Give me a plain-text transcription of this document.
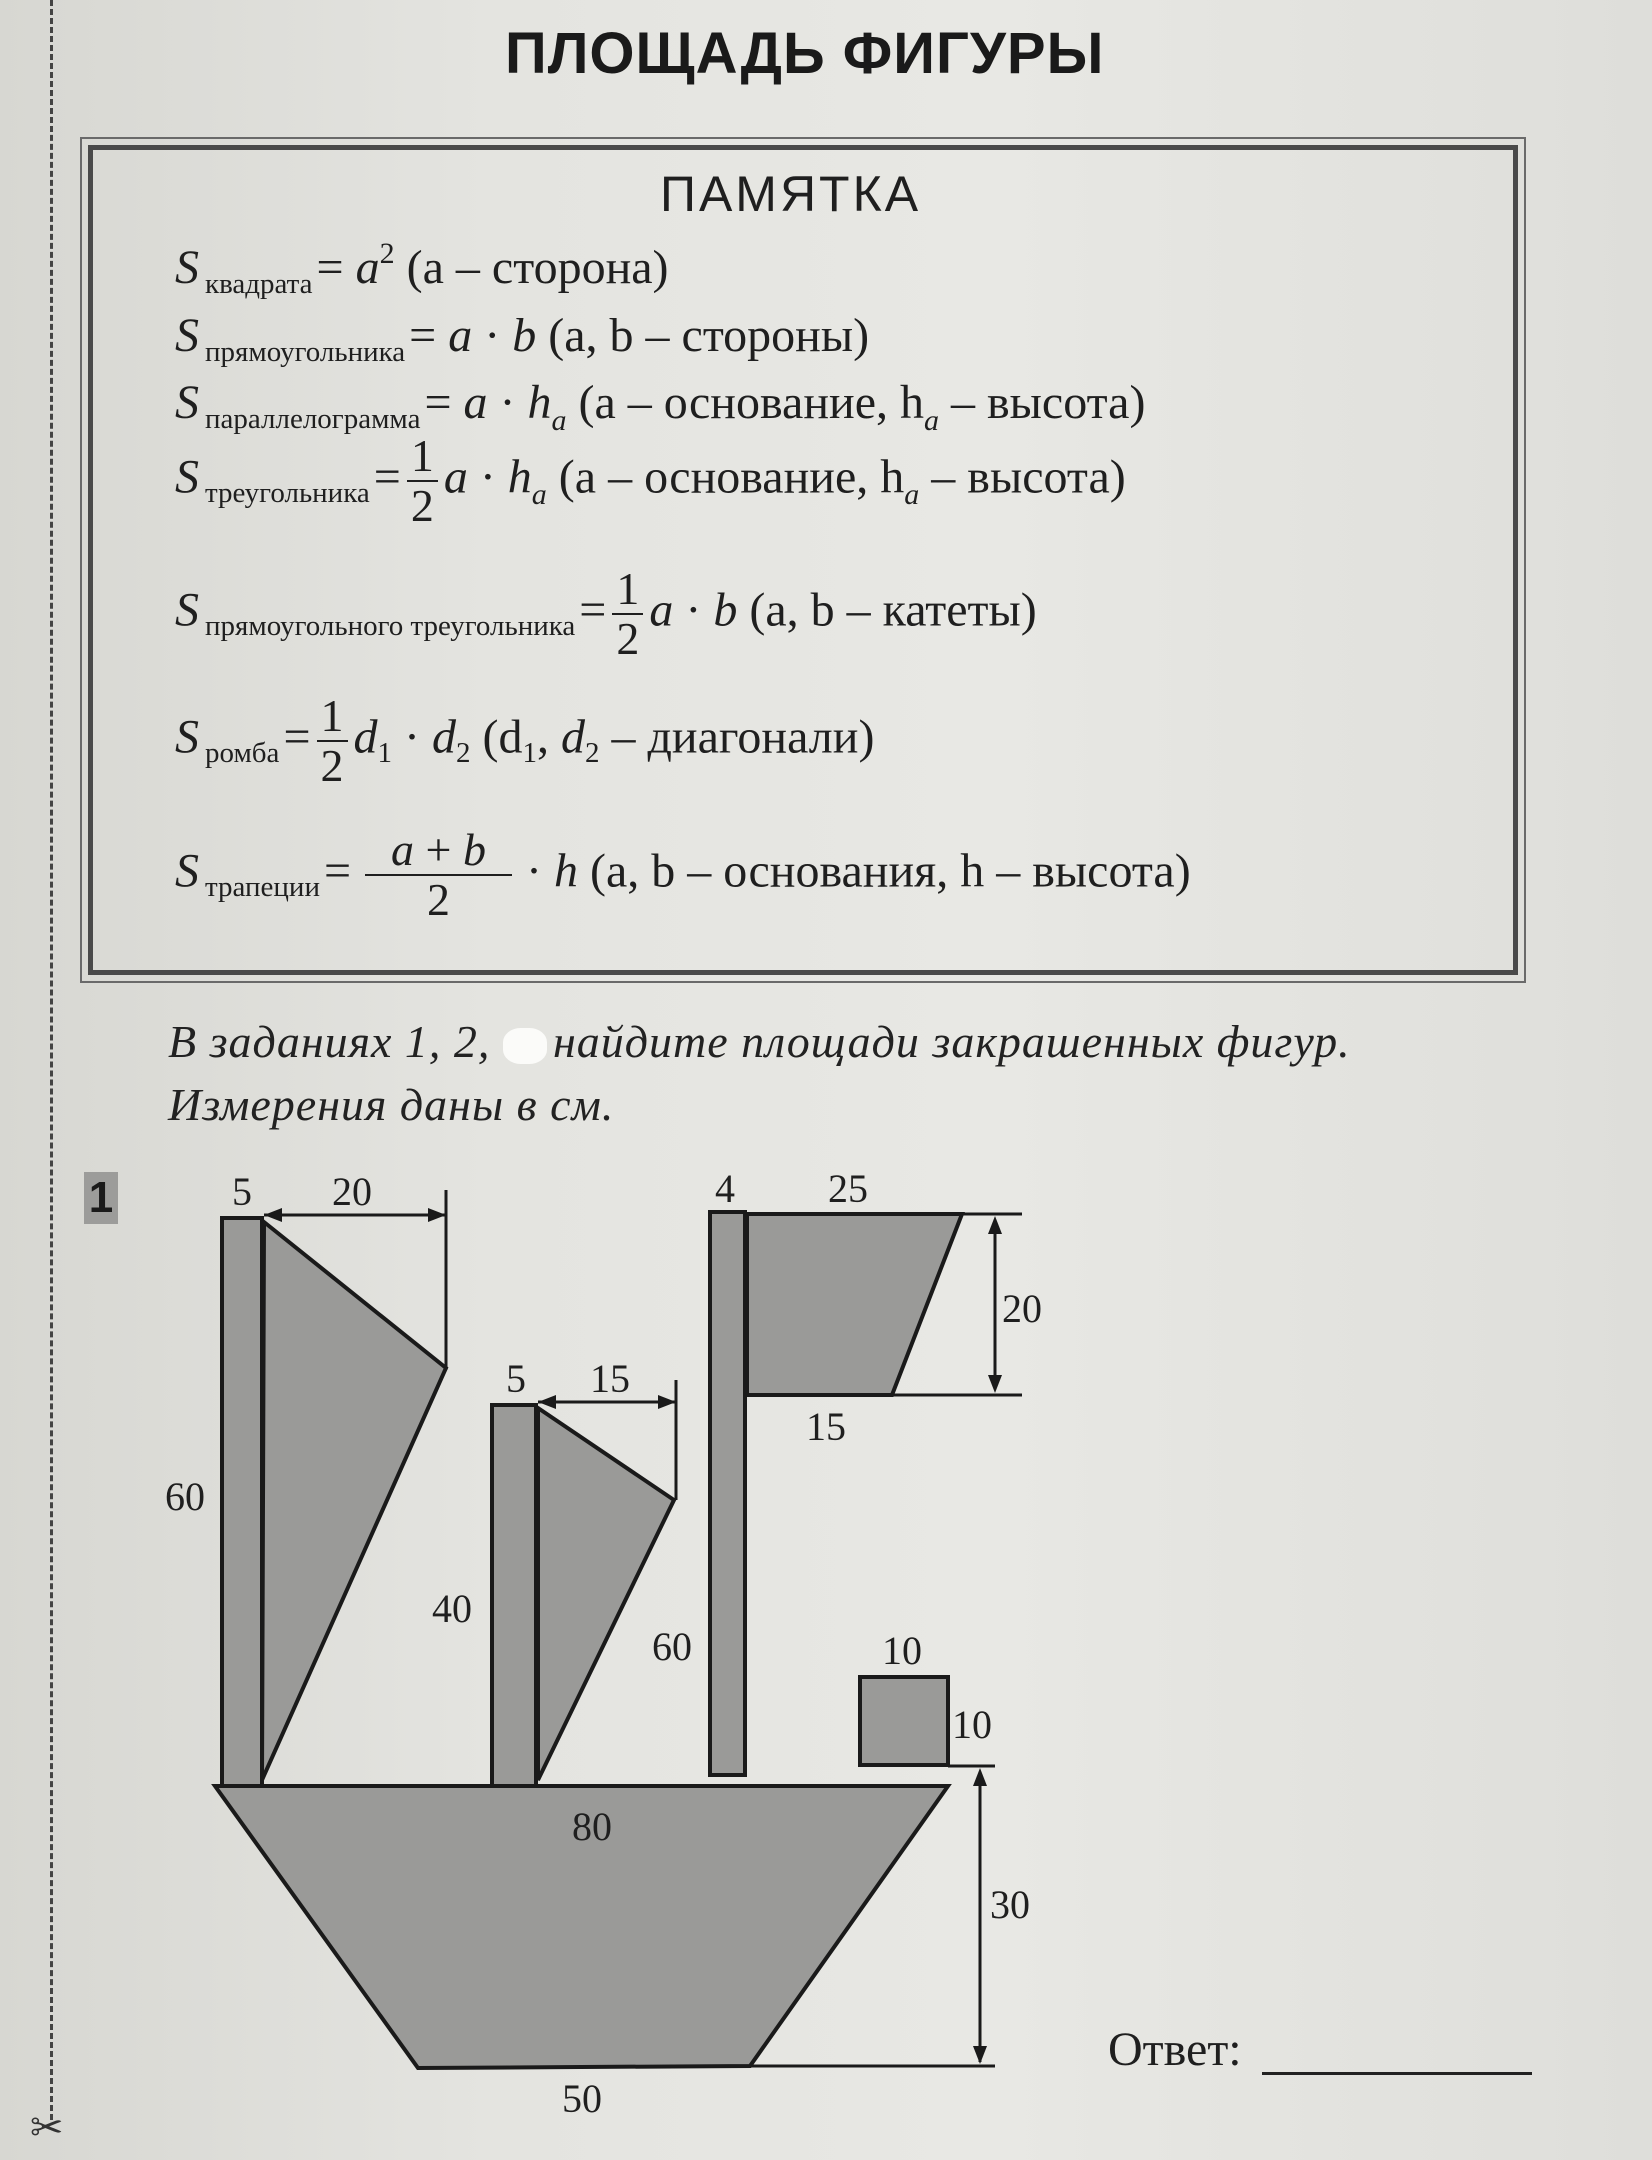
✂
ПЛОЩАДЬ ФИГУРЫ
ПАМЯТКА
S $_{квадрата}= a^2$ (a – сторона)
S $_{прямоугольника}$= a · b (a, b – стороны)
S $_{параллелограмма}= a \cdot h_a$ (a – основание, $h_a$ – высота)
S $_{треугольника}= \frac{1}{2}$ $a \cdot h_a$ (a – основание, $h_a$ – высота)
S $_{прямоугольного треугольника}= \frac{1}{2}$ a · b (a, b – катеты)
S $_{ромба}= \frac{1}{2} d_1 \cdot d_2$ ($d_1$, $d_2$ – диагонали)
S $_{трапеции}= \frac{a + b}{2} \cdot h$ (a, b – основания, h – высота)
В заданиях 1, 2, найдите площади закрашенных фигур.
Измерения даны в см.
1	5 20
60
5 15
40
4 25
20
15
60	10
10
80
30
50
Ответ:
